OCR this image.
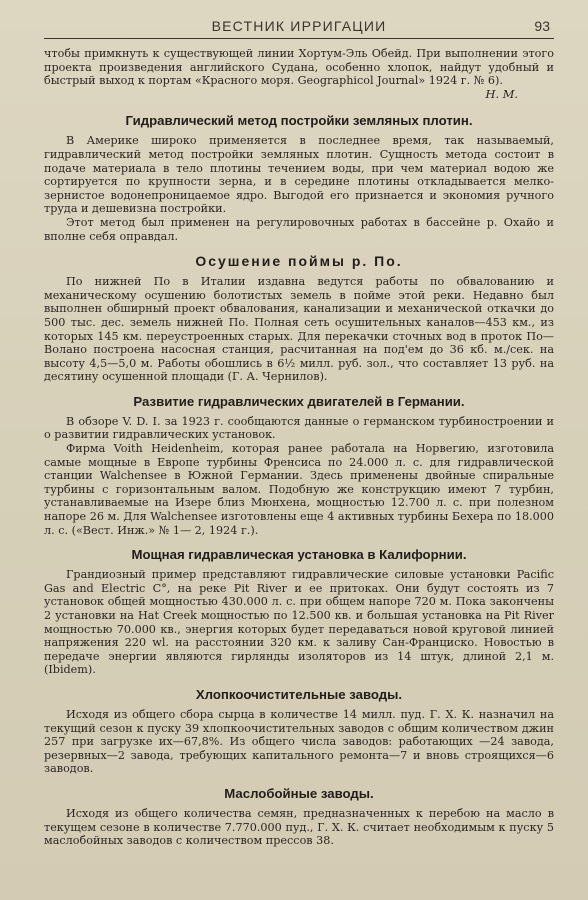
ВЕСТНИК ИРРИГАЦИИ	93

чтобы примкнуть к существующей линии Хортум-Эль Обейд. При выполнении этого проекта произведения английского Судана, особенно хлопок, найдут удобный и быстрый выход к портам «Красного моря. Geographicol Journal» 1924 г. № 6).

Н. М.
Гидравлический метод постройки земляных плотин.

В Америке широко применяется в последнее время, так называемый, гидравлический метод постройки земляных плотин. Сущность метода состоит в подаче материала в тело плотины течением воды, при чем материал водою же сортируется по крупности зерна, и в середине плотины откладывается мелко-зернистое водонепроницаемое ядро. Выгодой его признается и экономия ручного труда и дешевизна постройки.

Этот метод был применен на регулировочных работах в бассейне р. Охайо и вполне себя оправдал.

Осушение поймы р. По.

По нижней По в Италии издавна ведутся работы по обвалованию и механическому осушению болотистых земель в пойме этой реки. Недавно был выполнен обширный проект обвалования, канализации и механической откачки до 500 тыс. дес. земель нижней По. Полная сеть осушительных каналов—453 км., из которых 145 км. переустроенных старых. Для перекачки сточных вод в проток По—Волано построена насосная станция, расчитанная на под'ем до 36 кб. м./сек. на высоту 4,5—5,0 м. Работы обошлись в 6½ милл. руб. зол., что составляет 13 руб. на десятину осушенной площади (Г. А. Чернилов).

Развитие гидравлических двигателей в Германии.

В обзоре V. D. I. за 1923 г. сообщаются данные о германском турбиностроении и о развитии гидравлических установок.

Фирма Voith Heidenheim, которая ранее работала на Норвегию, изготовила самые мощные в Европе турбины Френсиса по 24.000 л. с. для гидравлической станции Walchensee в Южной Германии. Здесь применены двойные спиральные турбины с горизонтальным валом. Подобную же конструкцию имеют 7 турбин, устанавливаемые на Изере близ Мюнхена, мощностью 12.700 л. с. при полезном напоре 26 м. Для Walchensee изготовлены еще 4 активных турбины Бехера по 18.000 л. с. («Вест. Инж.» № 1— 2, 1924 г.).

Мощная гидравлическая установка в Калифорнии.

Грандиозный пример представляют гидравлические силовые установки Pacific Gas and Electric C°, на реке Pit River и ее притоках. Они будут состоять из 7 установок общей мощностью 430.000 л. с. при общем напоре 720 м. Пока закончены 2 установки на Hat Creek мощностью по 12.500 кв. и большая установка на Pit River мощностью 70.000 кв., энергия которых будет передаваться новой круговой линией напряжения 220 wl. на расстоянии 320 км. к заливу Сан-Франциско. Новостью в передаче энергии являются гирлянды изоляторов из 14 штук, длиной 2,1 м. (Ibidem).

Хлопкоочистительные заводы.

Исходя из общего сбора сырца в количестве 14 милл. пуд. Г. Х. К. назначил на текущий сезон к пуску 39 хлопкоочистительных заводов с общим количеством джин 257 при загрузке их—67,8%. Из общего числа заводов: работающих —24 завода, резервных—2 завода, требующих капитального ремонта—7 и вновь строящихся—6 заводов.

Маслобойные заводы.

Исходя из общего количества семян, предназначенных к перебою на масло в текущем сезоне в количестве 7.770.000 пуд., Г. Х. К. считает необходимым к пуску 5 маслобойных заводов с количеством прессов 38.
